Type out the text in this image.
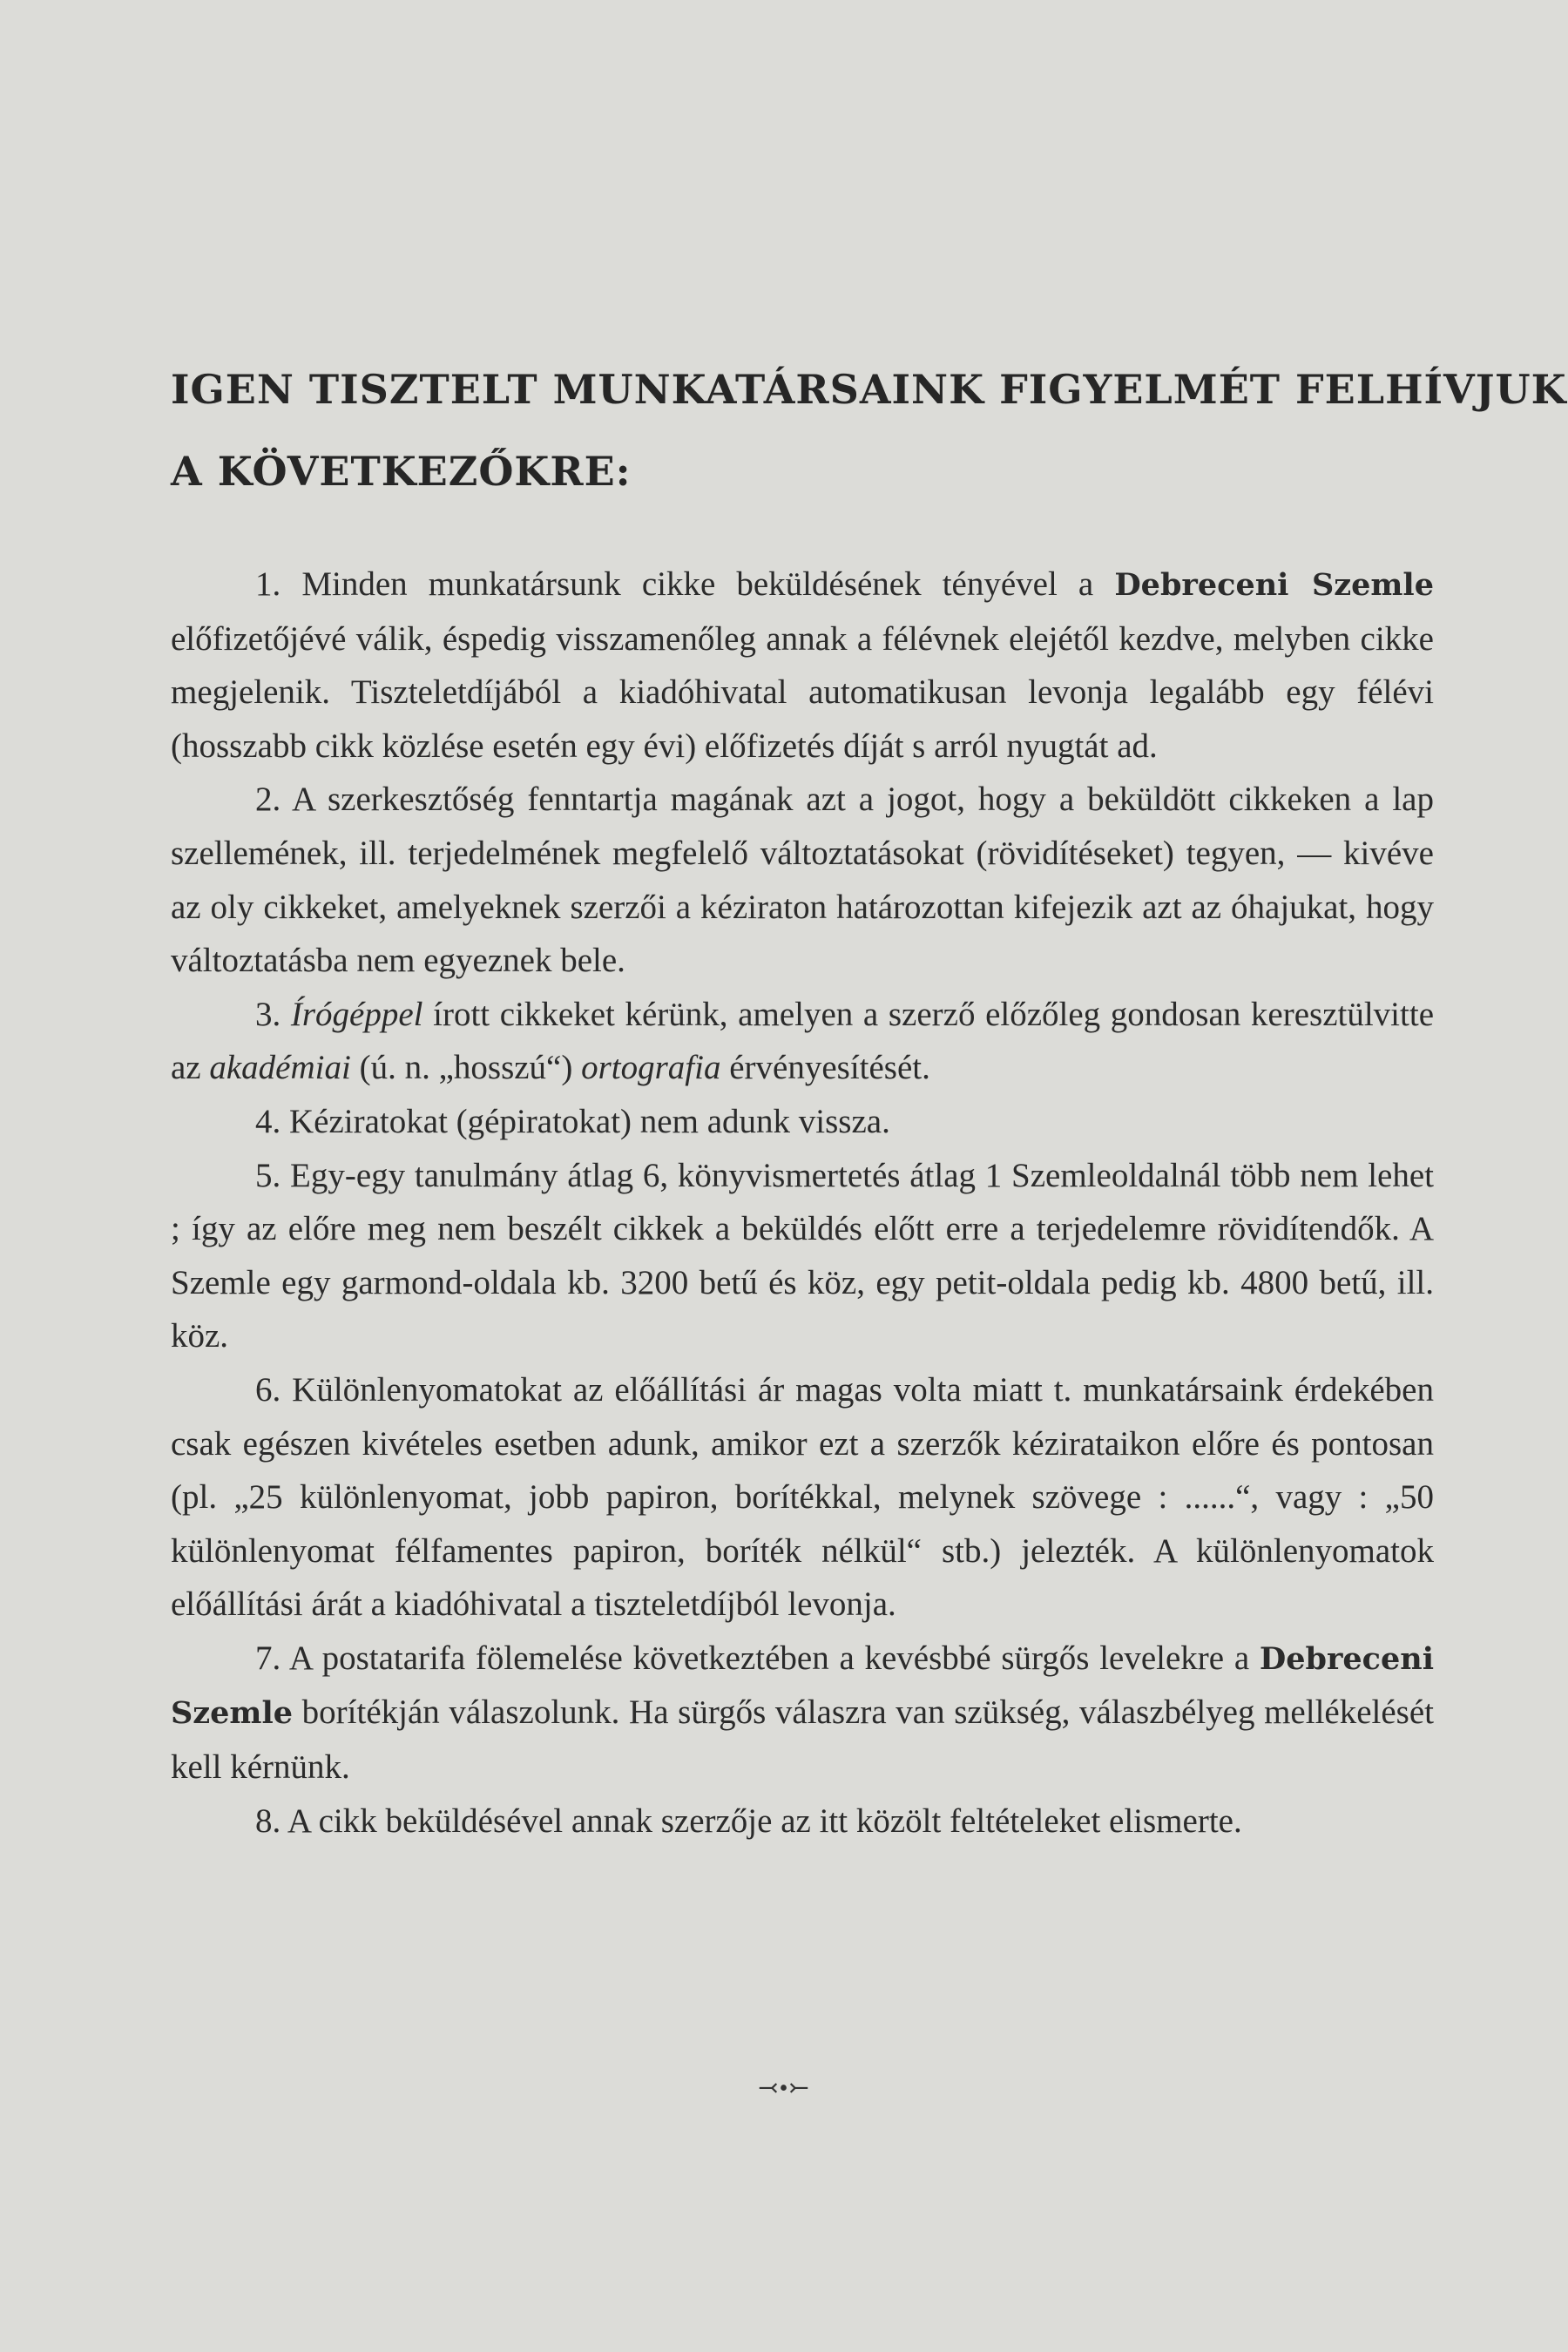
IGEN TISZTELT MUNKATÁRSAINK FIGYELMÉT FELHÍVJUK
A KÖVETKEZŐKRE:

1. Minden munkatársunk cikke beküldésének tényével a Debreceni Szemle előfizetőjévé válik, éspedig visszamenőleg annak a félévnek elejétől kezdve, melyben cikke megjelenik. Tiszteletdíjából a kiadóhivatal automatikusan levonja legalább egy félévi (hosszabb cikk közlése esetén egy évi) előfizetés díját s arról nyugtát ad.

2. A szerkesztőség fenntartja magának azt a jogot, hogy a beküldött cikkeken a lap szellemének, ill. terjedelmének megfelelő változtatásokat (rövidítéseket) tegyen, — kivéve az oly cikkeket, amelyeknek szerzői a kéziraton határozottan kifejezik azt az óhajukat, hogy változtatásba nem egyeznek bele.

3. Írógéppel írott cikkeket kérünk, amelyen a szerző előzőleg gondosan keresztülvitte az akadémiai (ú. n. „hosszú“) ortografia érvényesítését.

4. Kéziratokat (gépiratokat) nem adunk vissza.

5. Egy-egy tanulmány átlag 6, könyvismertetés átlag 1 Szemleoldalnál több nem lehet ; így az előre meg nem beszélt cikkek a beküldés előtt erre a terjedelemre rövidítendők. A Szemle egy garmond-oldala kb. 3200 betű és köz, egy petit-oldala pedig kb. 4800 betű, ill. köz.

6. Különlenyomatokat az előállítási ár magas volta miatt t. munkatársaink érdekében csak egészen kivételes esetben adunk, amikor ezt a szerzők kézirataikon előre és pontosan (pl. „25 különlenyomat, jobb papiron, borítékkal, melynek szövege : ......“, vagy : „50 különlenyomat félfamentes papiron, boríték nélkül“ stb.) jelezték. A különlenyomatok előállítási árát a kiadóhivatal a tiszteletdíjból levonja.

7. A postatarifa fölemelése következtében a kevésbbé sürgős levelekre a Debreceni Szemle borítékján válaszolunk. Ha sürgős válaszra van szükség, válaszbélyeg mellékelését kell kérnünk.

8. A cikk beküldésével annak szerzője az itt közölt feltételeket elismerte.

⤙•⤚
